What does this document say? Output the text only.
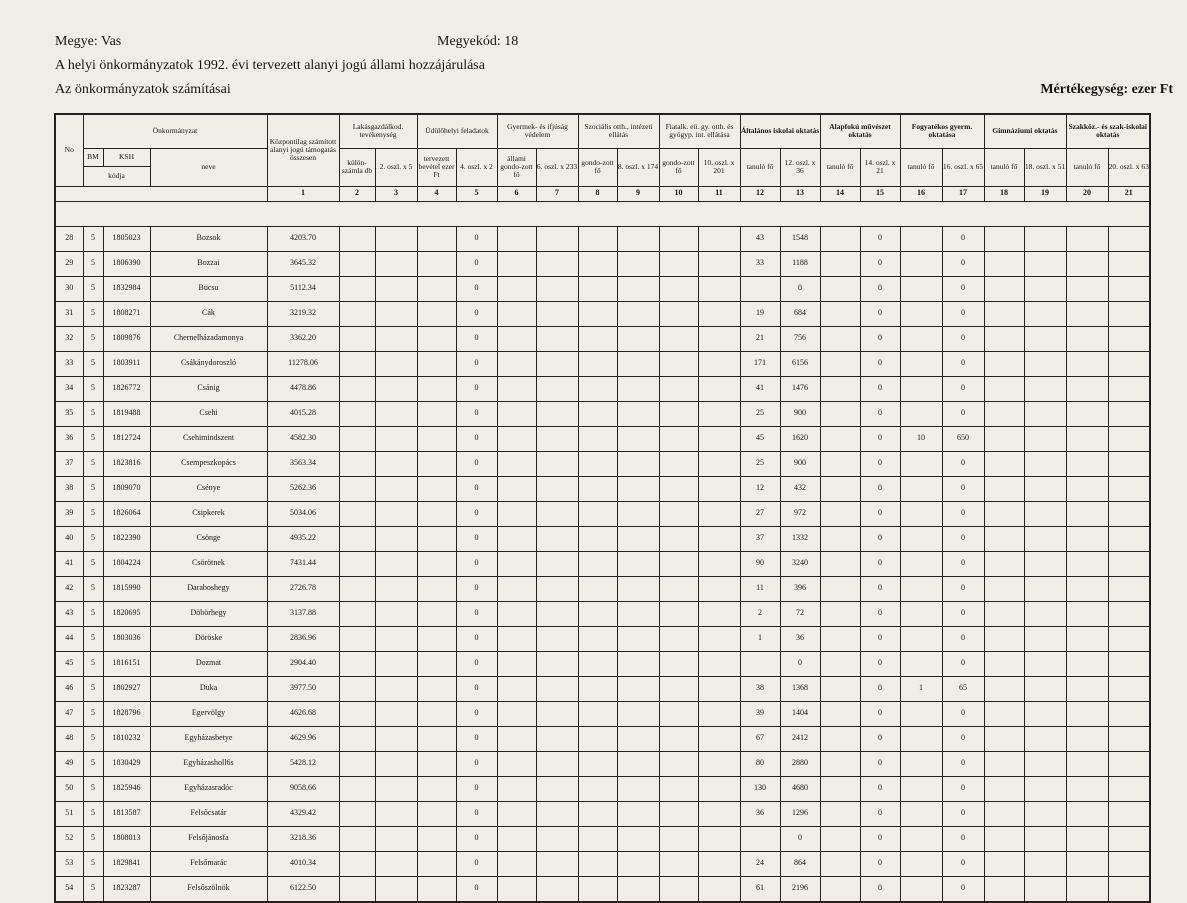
Megye: Vas	Megyekód: 18
A helyi önkormányzatok 1992. évi tervezett alanyi jogú állami hozzájárulása
Az önkormányzatok számításai	Mértékegység: ezer Ft
No	Önkormányzat			Központilag számított alanyi jogú támogatás összesen	Lakásgazdálkod. tevékenység		Üdülőhelyi feladatok		Gyermek- és ifjúság védelem		Szociális otth., intézeti ellátás		Fiatalk. eü. gy. otth. és gyógyp. int. ellátása		Általános iskolai oktatás		Alapfokú művészet oktatás		Fogyatékos gyerm. oktatása		Gimnáziumi oktatás		Szakköz.- és szak-iskolai oktatás	
	BM	KSH	neve		külön-számla db	2. oszl. x 5	tervezett bevétel ezer Ft	4. oszl. x 2	állami gondo-zott fő	6. oszl. x 233	gondo-zott fő	8. oszl. x 174	gondo-zott fő	10. oszl. x 201	tanuló fő	12. oszl. x 36	tanuló fő	14. oszl. x 21	tanuló fő	16. oszl. x 65	tanuló fő	18. oszl. x 51	tanuló fő	20. oszl. x 63
	kódja																							
				1	2	3	4	5	6	7	8	9	10	11	12	13	14	15	16	17	18	19	20	21

28	5	1805023	Bozsok	4203.70				0							43	1548		0		0				
29	5	1806390	Bozzai	3645.32				0							33	1188		0		0				
30	5	1832984	Bucsu	5112.34				0								0		0		0				
31	5	1808271	Cák	3219.32				0							19	684		0		0				
32	5	1809876	Chernelházadamonya	3362.20				0							21	756		0		0				
33	5	1803911	Csákánydoroszló	11278.06				0							171	6156		0		0				
34	5	1826772	Csánig	4478.86				0							41	1476		0		0				
35	5	1819488	Csehi	4015.28				0							25	900		0		0				
36	5	1812724	Csehimindszent	4582.30				0							45	1620		0	10	650				
37	5	1823816	Csempeszkopács	3563.34				0							25	900		0		0				
38	5	1809070	Csénye	5262.36				0							12	432		0		0				
39	5	1826064	Csipkerek	5034.06				0							27	972		0		0				
40	5	1822390	Csönge	4935.22				0							37	1332		0		0				
41	5	1804224	Csörötnek	7431.44				0							90	3240		0		0				
42	5	1815990	Daraboshegy	2726.78				0							11	396		0		0				
43	5	1820695	Döbörhegy	3137.88				0							2	72		0		0				
44	5	1803036	Döröske	2836.96				0							1	36		0		0				
45	5	1816151	Dozmat	2904.40				0								0		0		0				
46	5	1802927	Duka	3977.50				0							38	1368		0	1	65				
47	5	1828796	Egervölgy	4626.68				0							39	1404		0		0				
48	5	1810232	Egyházasbetye	4629.96				0							67	2412		0		0				
49	5	1830429	Egyházasholl6s	5428.12				0							80	2880		0		0				
50	5	1825946	Egyházasradóc	9058.66				0							130	4680		0		0				
51	5	1813587	Felsőcsatár	4329.42				0							36	1296		0		0				
52	5	1808013	Felsőjánosfa	3218.36				0								0		0		0				
53	5	1829841	Felsőmarác	4010.34				0							24	864		0		0				
54	5	1823287	Felsőszölnök	6122.50				0							61	2196		0		0				
